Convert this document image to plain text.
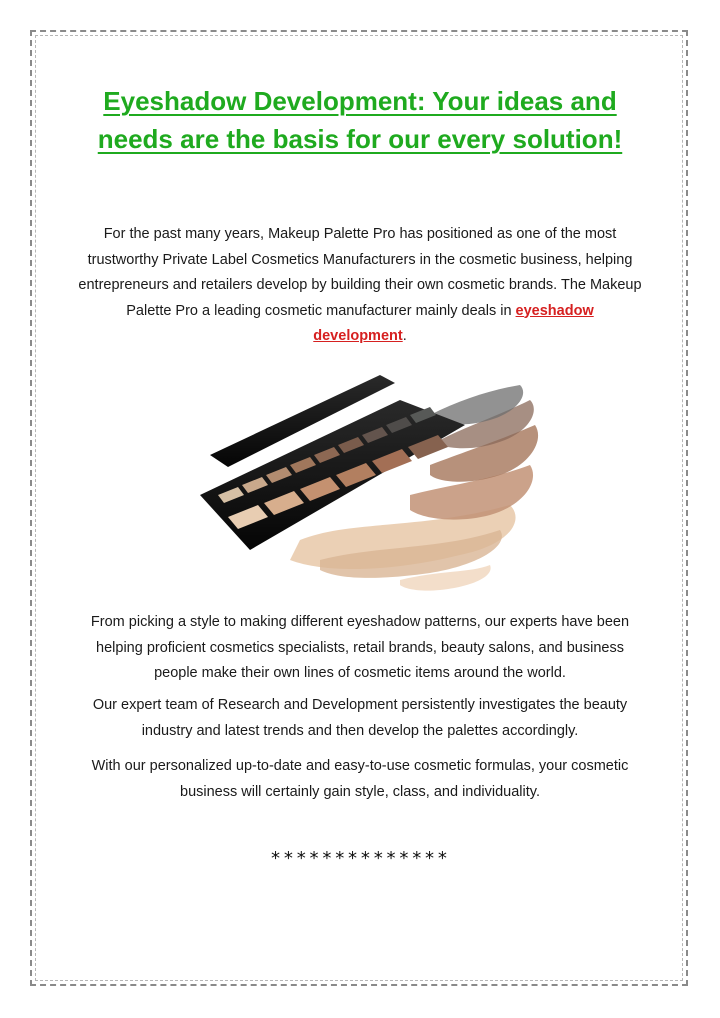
Eyeshadow Development: Your ideas and needs are the basis for our every solution!

For the past many years, Makeup Palette Pro has positioned as one of the most trustworthy Private Label Cosmetics Manufacturers in the cosmetic business, helping entrepreneurs and retailers develop by building their own cosmetic brands. The Makeup Palette Pro a leading cosmetic manufacturer mainly deals in eyeshadow development.

From picking a style to making different eyeshadow patterns, our experts have been helping proficient cosmetics specialists, retail brands, beauty salons, and business people make their own lines of cosmetic items around the world.

Our expert team of Research and Development persistently investigates the beauty industry and latest trends and then develop the palettes accordingly.

With our personalized up-to-date and easy-to-use cosmetic formulas, your cosmetic business will certainly gain style, class, and individuality.

**************
